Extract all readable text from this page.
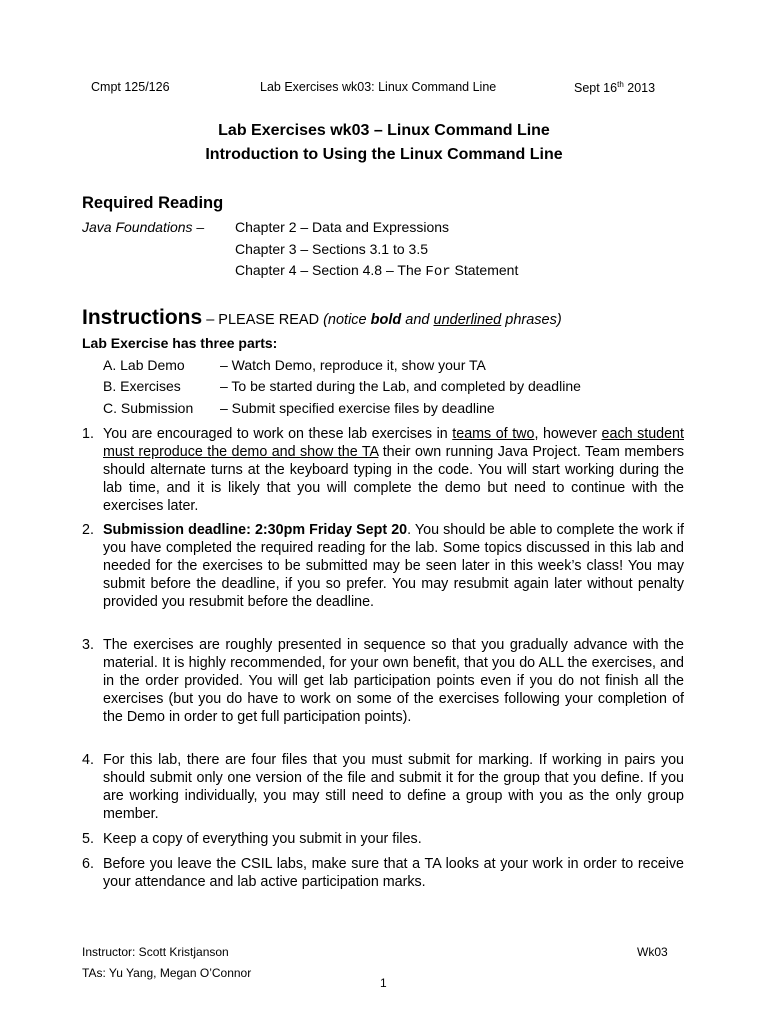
Cmpt 125/126	Lab Exercises wk03: Linux Command Line	Sept 16th 2013
Lab Exercises wk03 – Linux Command Line
Introduction to Using the Linux Command Line
Required Reading
Java Foundations – Chapter 2 – Data and Expressions
Chapter 3 – Sections 3.1 to 3.5
Chapter 4 – Section 4.8 – The For Statement
Instructions – PLEASE READ (notice bold and underlined phrases)
Lab Exercise has three parts:
A. Lab Demo	– Watch Demo, reproduce it, show your TA
B. Exercises	– To be started during the Lab, and completed by deadline
C. Submission – Submit specified exercise files by deadline
1. You are encouraged to work on these lab exercises in teams of two, however each student must reproduce the demo and show the TA their own running Java Project. Team members should alternate turns at the keyboard typing in the code. You will start working during the lab time, and it is likely that you will complete the demo but need to continue with the exercises later.
2. Submission deadline: 2:30pm Friday Sept 20. You should be able to complete the work if you have completed the required reading for the lab. Some topics discussed in this lab and needed for the exercises to be submitted may be seen later in this week’s class! You may submit before the deadline, if you so prefer. You may resubmit again later without penalty provided you resubmit before the deadline.
3. The exercises are roughly presented in sequence so that you gradually advance with the material. It is highly recommended, for your own benefit, that you do ALL the exercises, and in the order provided. You will get lab participation points even if you do not finish all the exercises (but you do have to work on some of the exercises following your completion of the Demo in order to get full participation points).
4. For this lab, there are four files that you must submit for marking. If working in pairs you should submit only one version of the file and submit it for the group that you define. If you are working individually, you may still need to define a group with you as the only group member.
5. Keep a copy of everything you submit in your files.
6. Before you leave the CSIL labs, make sure that a TA looks at your work in order to receive your attendance and lab active participation marks.
Instructor: Scott Kristjanson
TAs: Yu Yang, Megan O’Connor
Wk03
1
